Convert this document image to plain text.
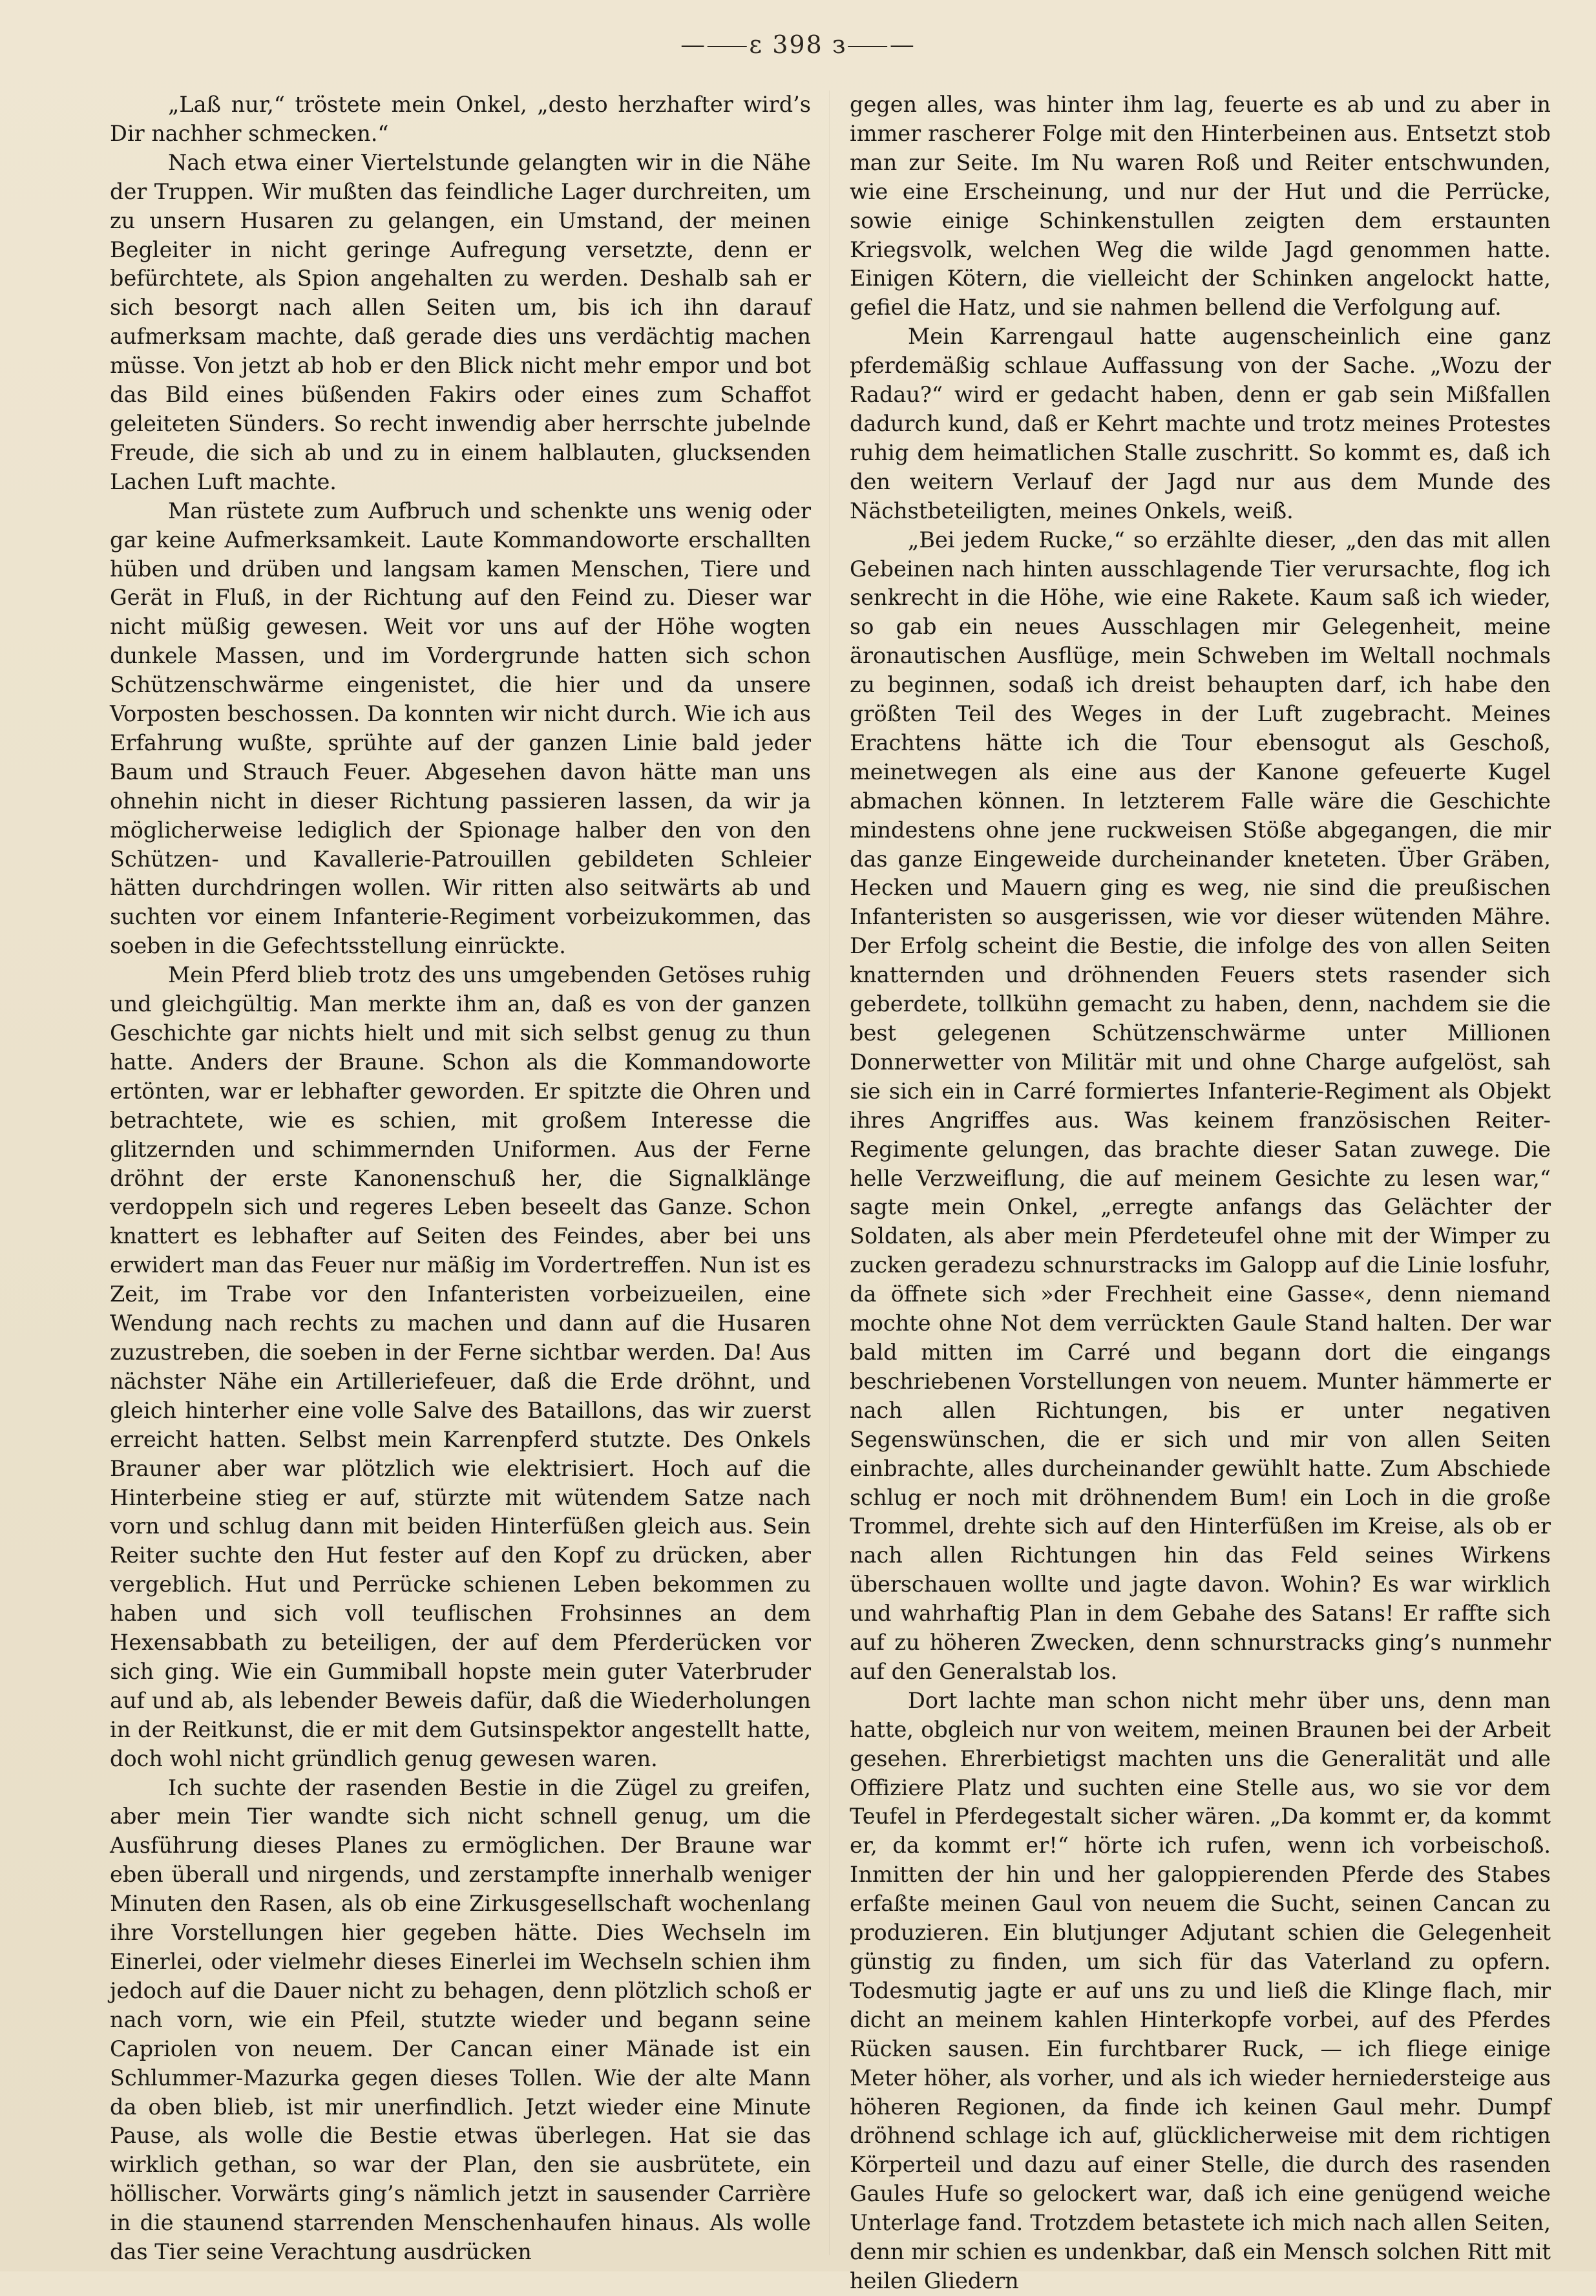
—⸺ε 398 з⸺—

„Laß nur,“ tröstete mein Onkel, „desto herzhafter wird’s Dir nachher schmecken.“

Nach etwa einer Viertelstunde gelangten wir in die Nähe der Truppen. Wir mußten das feindliche Lager durchreiten, um zu unsern Husaren zu gelangen, ein Umstand, der meinen Begleiter in nicht geringe Aufregung versetzte, denn er befürchtete, als Spion angehalten zu werden. Deshalb sah er sich besorgt nach allen Seiten um, bis ich ihn darauf aufmerksam machte, daß gerade dies uns verdächtig machen müsse. Von jetzt ab hob er den Blick nicht mehr empor und bot das Bild eines büßenden Fakirs oder eines zum Schaffot geleiteten Sünders. So recht inwendig aber herrschte jubelnde Freude, die sich ab und zu in einem halblauten, glucksenden Lachen Luft machte.

Man rüstete zum Aufbruch und schenkte uns wenig oder gar keine Aufmerksamkeit. Laute Kommandoworte erschallten hüben und drüben und langsam kamen Menschen, Tiere und Gerät in Fluß, in der Richtung auf den Feind zu. Dieser war nicht müßig gewesen. Weit vor uns auf der Höhe wogten dunkele Massen, und im Vordergrunde hatten sich schon Schützenschwärme eingenistet, die hier und da unsere Vorposten beschossen. Da konnten wir nicht durch. Wie ich aus Erfahrung wußte, sprühte auf der ganzen Linie bald jeder Baum und Strauch Feuer. Abgesehen davon hätte man uns ohnehin nicht in dieser Richtung passieren lassen, da wir ja möglicherweise lediglich der Spionage halber den von den Schützen- und Kavallerie-Patrouillen gebildeten Schleier hätten durchdringen wollen. Wir ritten also seitwärts ab und suchten vor einem Infanterie-Regiment vorbeizukommen, das soeben in die Gefechtsstellung einrückte.

Mein Pferd blieb trotz des uns umgebenden Getöses ruhig und gleichgültig. Man merkte ihm an, daß es von der ganzen Geschichte gar nichts hielt und mit sich selbst genug zu thun hatte. Anders der Braune. Schon als die Kommandoworte ertönten, war er lebhafter geworden. Er spitzte die Ohren und betrachtete, wie es schien, mit großem Interesse die glitzernden und schimmernden Uniformen. Aus der Ferne dröhnt der erste Kanonenschuß her, die Signalklänge verdoppeln sich und regeres Leben beseelt das Ganze. Schon knattert es lebhafter auf Seiten des Feindes, aber bei uns erwidert man das Feuer nur mäßig im Vordertreffen. Nun ist es Zeit, im Trabe vor den Infanteristen vorbeizueilen, eine Wendung nach rechts zu machen und dann auf die Husaren zuzustreben, die soeben in der Ferne sichtbar werden. Da! Aus nächster Nähe ein Artilleriefeuer, daß die Erde dröhnt, und gleich hinterher eine volle Salve des Bataillons, das wir zuerst erreicht hatten. Selbst mein Karrenpferd stutzte. Des Onkels Brauner aber war plötzlich wie elektrisiert. Hoch auf die Hinterbeine stieg er auf, stürzte mit wütendem Satze nach vorn und schlug dann mit beiden Hinterfüßen gleich aus. Sein Reiter suchte den Hut fester auf den Kopf zu drücken, aber vergeblich. Hut und Perrücke schienen Leben bekommen zu haben und sich voll teuflischen Frohsinnes an dem Hexensabbath zu beteiligen, der auf dem Pferderücken vor sich ging. Wie ein Gummiball hopste mein guter Vaterbruder auf und ab, als lebender Beweis dafür, daß die Wiederholungen in der Reitkunst, die er mit dem Gutsinspektor angestellt hatte, doch wohl nicht gründlich genug gewesen waren.

Ich suchte der rasenden Bestie in die Zügel zu greifen, aber mein Tier wandte sich nicht schnell genug, um die Ausführung dieses Planes zu ermöglichen. Der Braune war eben überall und nirgends, und zerstampfte innerhalb weniger Minuten den Rasen, als ob eine Zirkusgesellschaft wochenlang ihre Vorstellungen hier gegeben hätte. Dies Wechseln im Einerlei, oder vielmehr dieses Einerlei im Wechseln schien ihm jedoch auf die Dauer nicht zu behagen, denn plötzlich schoß er nach vorn, wie ein Pfeil, stutzte wieder und begann seine Capriolen von neuem. Der Cancan einer Mänade ist ein Schlummer-Mazurka gegen dieses Tollen. Wie der alte Mann da oben blieb, ist mir unerfindlich. Jetzt wieder eine Minute Pause, als wolle die Bestie etwas überlegen. Hat sie das wirklich gethan, so war der Plan, den sie ausbrütete, ein höllischer. Vorwärts ging’s nämlich jetzt in sausender Carrière in die staunend starrenden Menschenhaufen hinaus. Als wolle das Tier seine Verachtung ausdrücken

gegen alles, was hinter ihm lag, feuerte es ab und zu aber in immer rascherer Folge mit den Hinterbeinen aus. Entsetzt stob man zur Seite. Im Nu waren Roß und Reiter entschwunden, wie eine Erscheinung, und nur der Hut und die Perrücke, sowie einige Schinkenstullen zeigten dem erstaunten Kriegsvolk, welchen Weg die wilde Jagd genommen hatte. Einigen Kötern, die vielleicht der Schinken angelockt hatte, gefiel die Hatz, und sie nahmen bellend die Verfolgung auf.

Mein Karrengaul hatte augenscheinlich eine ganz pferdemäßig schlaue Auffassung von der Sache. „Wozu der Radau?“ wird er gedacht haben, denn er gab sein Mißfallen dadurch kund, daß er Kehrt machte und trotz meines Protestes ruhig dem heimatlichen Stalle zuschritt. So kommt es, daß ich den weitern Verlauf der Jagd nur aus dem Munde des Nächstbeteiligten, meines Onkels, weiß.

„Bei jedem Rucke,“ so erzählte dieser, „den das mit allen Gebeinen nach hinten ausschlagende Tier verursachte, flog ich senkrecht in die Höhe, wie eine Rakete. Kaum saß ich wieder, so gab ein neues Ausschlagen mir Gelegenheit, meine äronautischen Ausflüge, mein Schweben im Weltall nochmals zu beginnen, sodaß ich dreist behaupten darf, ich habe den größten Teil des Weges in der Luft zugebracht. Meines Erachtens hätte ich die Tour ebensogut als Geschoß, meinetwegen als eine aus der Kanone gefeuerte Kugel abmachen können. In letzterem Falle wäre die Geschichte mindestens ohne jene ruckweisen Stöße abgegangen, die mir das ganze Eingeweide durcheinander kneteten. Über Gräben, Hecken und Mauern ging es weg, nie sind die preußischen Infanteristen so ausgerissen, wie vor dieser wütenden Mähre. Der Erfolg scheint die Bestie, die infolge des von allen Seiten knatternden und dröhnenden Feuers stets rasender sich geberdete, tollkühn gemacht zu haben, denn, nachdem sie die best gelegenen Schützenschwärme unter Millionen Donnerwetter von Militär mit und ohne Charge aufgelöst, sah sie sich ein in Carré formiertes Infanterie-Regiment als Objekt ihres Angriffes aus. Was keinem französischen Reiter-Regimente gelungen, das brachte dieser Satan zuwege. Die helle Verzweiflung, die auf meinem Gesichte zu lesen war,“ sagte mein Onkel, „erregte anfangs das Gelächter der Soldaten, als aber mein Pferdeteufel ohne mit der Wimper zu zucken geradezu schnurstracks im Galopp auf die Linie losfuhr, da öffnete sich »der Frechheit eine Gasse«, denn niemand mochte ohne Not dem verrückten Gaule Stand halten. Der war bald mitten im Carré und begann dort die eingangs beschriebenen Vorstellungen von neuem. Munter hämmerte er nach allen Richtungen, bis er unter negativen Segenswünschen, die er sich und mir von allen Seiten einbrachte, alles durcheinander gewühlt hatte. Zum Abschiede schlug er noch mit dröhnendem Bum! ein Loch in die große Trommel, drehte sich auf den Hinterfüßen im Kreise, als ob er nach allen Richtungen hin das Feld seines Wirkens überschauen wollte und jagte davon. Wohin? Es war wirklich und wahrhaftig Plan in dem Gebahe des Satans! Er raffte sich auf zu höheren Zwecken, denn schnurstracks ging’s nunmehr auf den Generalstab los.

Dort lachte man schon nicht mehr über uns, denn man hatte, obgleich nur von weitem, meinen Braunen bei der Arbeit gesehen. Ehrerbietigst machten uns die Generalität und alle Offiziere Platz und suchten eine Stelle aus, wo sie vor dem Teufel in Pferdegestalt sicher wären. „Da kommt er, da kommt er, da kommt er!“ hörte ich rufen, wenn ich vorbeischoß. Inmitten der hin und her galoppierenden Pferde des Stabes erfaßte meinen Gaul von neuem die Sucht, seinen Cancan zu produzieren. Ein blutjunger Adjutant schien die Gelegenheit günstig zu finden, um sich für das Vaterland zu opfern. Todesmutig jagte er auf uns zu und ließ die Klinge flach, mir dicht an meinem kahlen Hinterkopfe vorbei, auf des Pferdes Rücken sausen. Ein furchtbarer Ruck, — ich fliege einige Meter höher, als vorher, und als ich wieder herniedersteige aus höheren Regionen, da finde ich keinen Gaul mehr. Dumpf dröhnend schlage ich auf, glücklicherweise mit dem richtigen Körperteil und dazu auf einer Stelle, die durch des rasenden Gaules Hufe so gelockert war, daß ich eine genügend weiche Unterlage fand. Trotzdem betastete ich mich nach allen Seiten, denn mir schien es undenkbar, daß ein Mensch solchen Ritt mit heilen Gliedern
